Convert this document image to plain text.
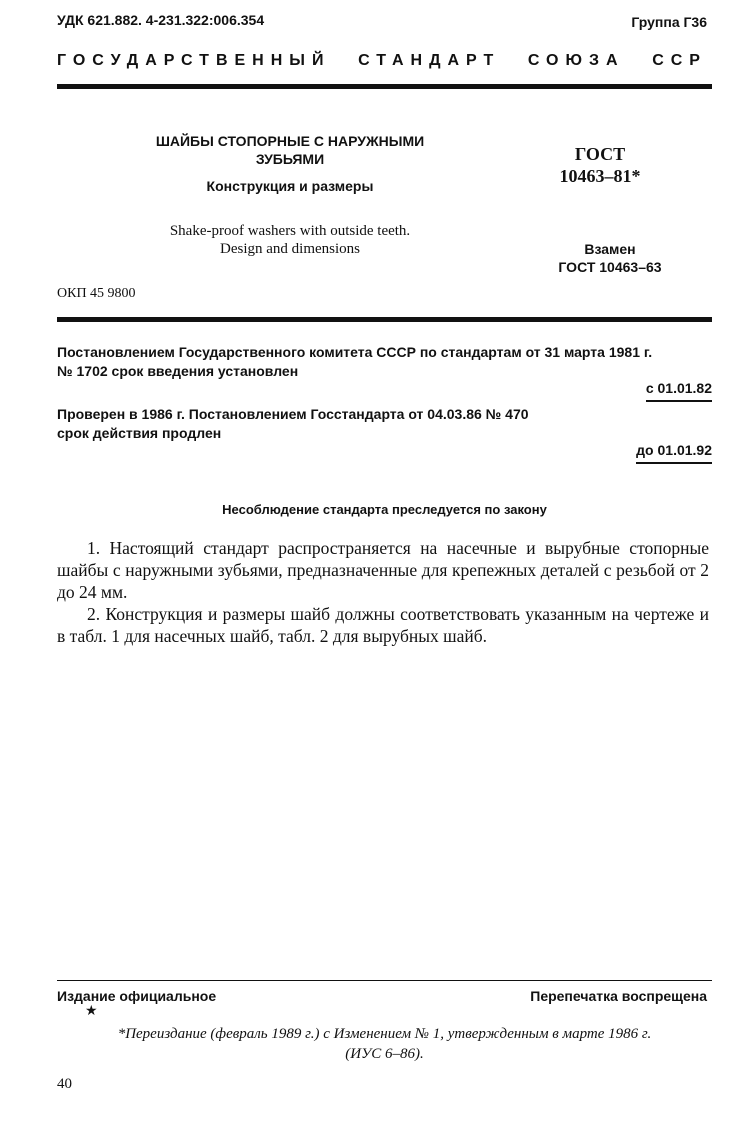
УДК 621.882. 4-231.322:006.354	Группа Г36
ГОСУДАРСТВЕННЫЙ СТАНДАРТ СОЮЗА ССР
ШАЙБЫ СТОПОРНЫЕ С НАРУЖНЫМИ
ЗУБЬЯМИ
Конструкция и размеры
Shake-proof washers with outside teeth.
Design and dimensions
ГОСТ
10463–81*
Взамен
ГОСТ 10463–63
ОКП 45 9800
Постановлением Государственного комитета СССР по стандартам от 31 марта 1981 г.
№ 1702 срок введения установлен
с 01.01.82
Проверен в 1986 г. Постановлением Госстандарта от 04.03.86 № 470
срок действия продлен
до 01.01.92
Несоблюдение стандарта преследуется по закону

1. Настоящий стандарт распространяется на насечные и вырубные стопорные шайбы с наружными зубьями, предназначенные для крепежных деталей с резьбой от 2 до 24 мм.

2. Конструкция и размеры шайб должны соответствовать указанным на чертеже и в табл. 1 для насечных шайб, табл. 2 для вырубных шайб.

Издание официальное	Перепечатка воспрещена
★
*Переиздание (февраль 1989 г.) с Изменением № 1, утвержденным в марте 1986 г.
(ИУС 6–86).
40
